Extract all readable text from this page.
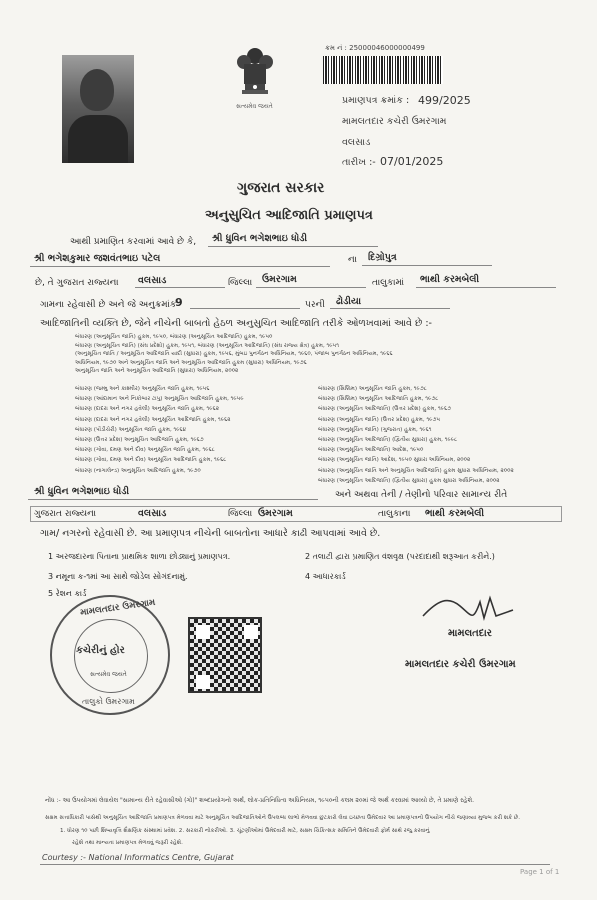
સત્યમેવ જયતે
ક્રમ નં : 25000046000000499
પ્રમાણપત્ર ક્રમાંક : 499/2025
મામલતદાર કચેરી ઉમરગામ
વલસાડ
તારીખ :- 07/01/2025
ગુજરાત સરકાર
અનુસુચિત આદિજાતિ પ્રમાણપત્ર
આથી પ્રમાણિત કરવામાં આવે છે કે, શ્રી ધ્રુવિન ભગેશભાઇ ધોડી
શ્રી ભગેશકુમાર જશવંતભાઇ પટેલ	ના દિગ્રોપુત્ર
છે, તે ગુજરાત રાજ્યના વલસાડ	જિલ્લા ઉમરગામ	તાલુકામાં ભાથી કરમબેલી
ગામના રહેવાસી છે અને જે અનુક્રમાંક
9	પરની ઢોડીયા
આદિજાતિની વ્યક્તિ છે, જેને નીચેની બાબતો હેઠળ અનુસુચિત આદિજાતિ તરીકે ઓળખવામાં આવે છે :-
બંધારણ (અનુસૂચિત જાતિ) હુકમ, ૧૯૫૦, બંધારણ (અનુસૂચિત આદિજાતિ) હુકમ, ૧૯૫૦
બંધારણ (અનુસૂચિત જાતિ) (સંઘ પ્રદેશો) હુકમ, ૧૯૫૧, બંધારણ (અનુસૂચિત આદિજાતિ) (સંઘ રાજ્ય ક્ષેત્ર) હુકમ, ૧૯૫૧
(અનુસૂચિત જાતિ / અનુસૂચિત આદિજાતિ યાદી (સુધારા) હુકમ, ૧૯૫૬, મુંબઇ પુનર્ગઠન અધિનિયમ, ૧૯૬૦, પંજાબ પુનર્ગઠન અધિનિયમ, ૧૯૬૬
અધિનિયમ, ૧૯૭૦ અને અનુસૂચિત જાતિ અને અનુસૂચિત આદિજાતિ હુકમ (સુધારા) અધિનિયમ, ૧૯૭૬
અનુસૂચિત જાતિ અને અનુસૂચિત આદિજાતિ (સુધારા) અધિનિયમ, ૨૦૦૨
બંધારણ (જમ્મુ અને કાશ્મીર) અનુસૂચિત જાતિ હુકમ, ૧૯૫૬
બંધારણ (આંદામાન અને નિકોબાર ટાપુ) અનુસૂચિત આદિજાતિ હુકમ, ૧૯૫૯
બંધારણ (દાદરા અને નગર હવેલી) અનુસૂચિત જાતિ હુકમ, ૧૯૬૨
બંધારણ (દાદરા અને નગર હવેલી) અનુસૂચિત આદિજાતિ હુકમ, ૧૯૬૨
બંધારણ (પોંડીચેરી) અનુસૂચિત જાતિ હુકમ, ૧૯૬૪
બંધારણ (ઉત્તર પ્રદેશ) અનુસૂચિત આદિજાતિ હુકમ, ૧૯૬૭
બંધારણ (ગોવા, દમણ અને દીવ) અનુસૂચિત જાતિ હુકમ, ૧૯૬૮
બંધારણ (ગોવા, દમણ અને દીવ) અનુસૂચિત આદિજાતિ હુકમ, ૧૯૬૮
બંધારણ (નાગાલેન્ડ) અનુસૂચિત આદિજાતિ હુકમ, ૧૯૭૦
બંધારણ (સિક્કિમ) અનુસૂચિત જાતિ હુકમ, ૧૯૭૮
બંધારણ (સિક્કિમ) અનુસૂચિત આદિજાતિ હુકમ, ૧૯૭૮
બંધારણ (અનુસૂચિત આદિજાતિ) (ઉત્તર પ્રદેશ) હુકમ, ૧૯૬૭
બંધારણ (અનુસૂચિત જાતિ) (ઉત્તર પ્રદેશ) હુકમ, ૧૯૭૫
બંધારણ (અનુસૂચિત જાતિ) (ગુજરાત) હુકમ, ૧૯૬૧
બંધારણ (અનુસૂચિત આદિજાતિ) (દ્વિતીય સુધારા) હુકમ, ૧૯૯૮
બંધારણ (અનુસૂચિત આદિજાતિ) આદેશ, ૧૯૫૦
બંધારણ (અનુસૂચિત જાતિ) આદેશ, ૧૯૫૦ સુધારા અધિનિયમ, ૨૦૦૨
બંધારણ (અનુસૂચિત જાતિ અને અનુસૂચિત આદિજાતિ) હુકમ સુધારા અધિનિયમ, ૨૦૦૨
બંધારણ (અનુસૂચિત આદિજાતિ) (દ્વિતીય સુધારા) હુકમ સુધારા અધિનિયમ, ૨૦૦૨
શ્રી ધ્રુવિન ભગેશભાઇ ધોડી	અને અથવા તેની / તેણીનો પરિવાર સામાન્ય રીતે
ગુજરાત રાજ્યના	વલસાડ	જિલ્લા ઉમરગામ	તાલુકાના ભાથી કરમબેલી
ગામ/ નગરનો રહેવાસી છે. આ પ્રમાણપત્ર નીચેની બાબતોના આધારે કાઢી આપવામાં આવે છે.
1 અરજદારના પિતાના પ્રાથમિક શાળા છોડ્યાનું પ્રમાણપત્ર.	2 તલાટી દ્વારા પ્રમાણિત વંશવૃક્ષ (પરદાદાથી શરૂઆત કરીને.)
3 નમૂના ક-૧માં આ સાથે જોડેલ સોગંદનામું.	4 આધારકાર્ડ
5 રેશન કાર્ડ
મામલતદાર ઉમરગામ
કચેરીનું હોર
સત્યમેવ જયતે
તાલુકો ઉમરગામ
મામલતદાર
મામલતદાર કચેરી ઉમરગામ
નોંધ :- આ ઉપયોગમાં લેવાયેલ "સામાન્ય રીતે રહેવાસીઓ (ગો)" શબ્દપ્રયોગનો અર્થ, લોક-પ્રતિનિધિત્વ અધિનિયમ, ૧૯૫૦ની કલમ ૨૦માં જે અર્થ કરવામાં આવ્યો છે, તે પ્રમાણે રહેશે.
સક્ષમ સત્તાધિકારી પાસેથી અનુસૂચિત આદિજાતિ પ્રમાણપત્ર મેળવવા માટે અનુસૂચિત આદિજાતિઓને ઉપલબ્ધ લાભો મેળવવા છુટકારો લેવા ઇચ્છતા ઉમેદવાર આ પ્રમાણપત્રનો ઉપયોગ નીચે જણાવ્યા મુજબ કરી શકે છે.
1. ધોરણ ૧૦ પછી શિષ્યવૃત્તિ શૈક્ષણિક સંસ્થામાં પ્રવેશ. 2. સરકારી નોકરીઓ. 3. ચૂંટણીઓમાં ઉમેદવારી માટે, સક્ષમ ચિકિત્સક સમિતિને ઉમેદવારી ફોર્મ સાથે રજુ કરવાનું
રહેશે તથા માન્યતા પ્રમાણપત્ર મેળવવું જરૂરી રહેશે.
Courtesy :- National Informatics Centre, Gujarat
Page 1 of 1
